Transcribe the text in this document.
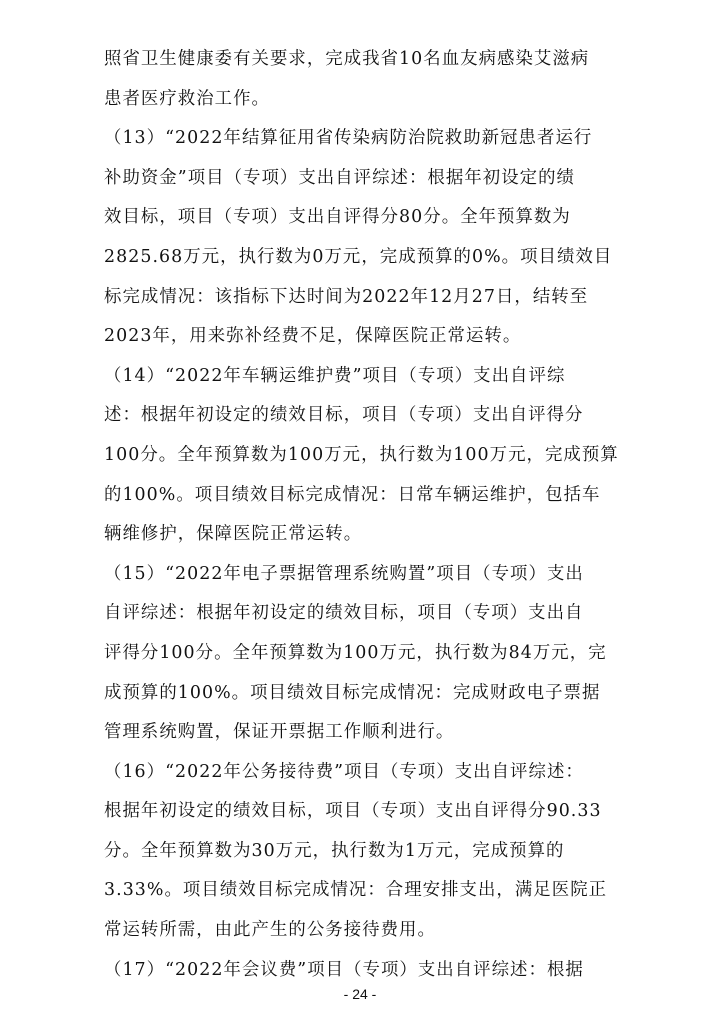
照省卫生健康委有关要求，完成我省10名血友病感染艾滋病
患者医疗救治工作。
（13）“2022年结算征用省传染病防治院救助新冠患者运行
补助资金”项目（专项）支出自评综述：根据年初设定的绩
效目标，项目（专项）支出自评得分80分。全年预算数为
2825.68万元，执行数为0万元，完成预算的0%。项目绩效目
标完成情况：该指标下达时间为2022年12月27日，结转至
2023年，用来弥补经费不足，保障医院正常运转。
（14）“2022年车辆运维护费”项目（专项）支出自评综
述：根据年初设定的绩效目标，项目（专项）支出自评得分
100分。全年预算数为100万元，执行数为100万元，完成预算
的100%。项目绩效目标完成情况：日常车辆运维护，包括车
辆维修护，保障医院正常运转。
（15）“2022年电子票据管理系统购置”项目（专项）支出
自评综述：根据年初设定的绩效目标，项目（专项）支出自
评得分100分。全年预算数为100万元，执行数为84万元，完
成预算的100%。项目绩效目标完成情况：完成财政电子票据
管理系统购置，保证开票据工作顺利进行。
（16）“2022年公务接待费”项目（专项）支出自评综述：
根据年初设定的绩效目标，项目（专项）支出自评得分90.33
分。全年预算数为30万元，执行数为1万元，完成预算的
3.33%。项目绩效目标完成情况：合理安排支出，满足医院正
常运转所需，由此产生的公务接待费用。
（17）“2022年会议费”项目（专项）支出自评综述：根据
- 24 -
